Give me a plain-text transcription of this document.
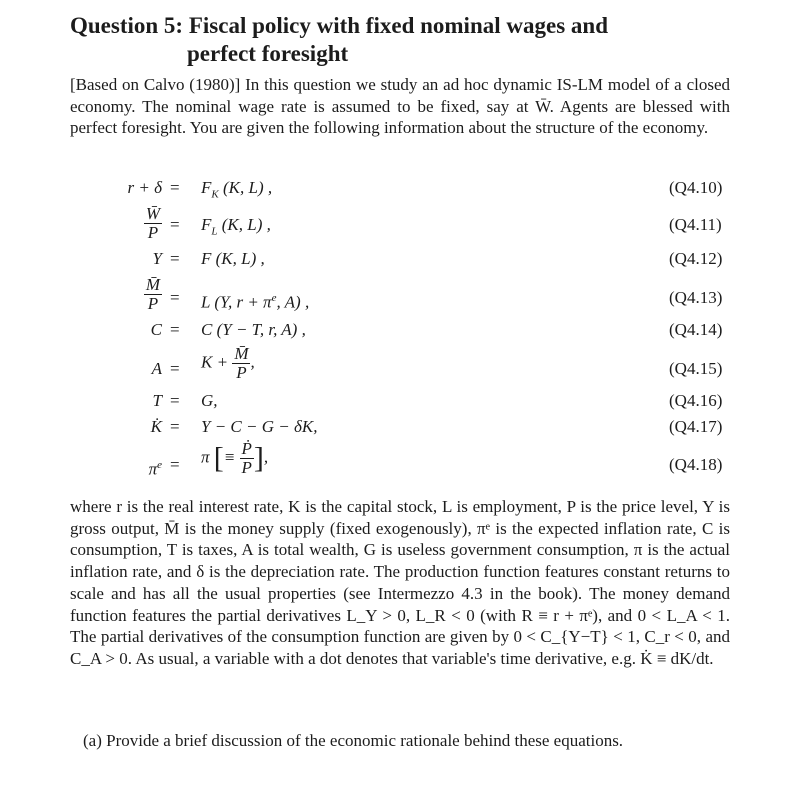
Question 5: Fiscal policy with fixed nominal wages and
perfect foresight
[Based on Calvo (1980)] In this question we study an ad hoc dynamic IS-LM model of a closed economy. The nominal wage rate is assumed to be fixed, say at W̄. Agents are blessed with perfect foresight. You are given the following information about the structure of the economy.
$r + \delta = F_K$ (K, L) ,	(Q4.10)
$\frac{W̄}{P} = F_L$ (K, L) ,	(Q4.11)
Y = F (K, L) ,	(Q4.12)
$\frac{M̄}{P} = L$ (Y, $r + \pi^e$, A) ,	(Q4.13)
C = C (Y − T, r, A) ,	(Q4.14)
$A = K + \frac{M̄}{P}$ ,	(Q4.15)
T = G,	(Q4.16)
K̇ = Y − C − G − δK,	(Q4.17)
$\pi^e = \pi$ [≡ $\frac{\text{Ṗ}}{P}$ ],	(Q4.18)
where r is the real interest rate, K is the capital stock, L is employment, P is the price level, Y is gross output, M̄ is the money supply (fixed exogenously), πᵉ is the expected inflation rate, C is consumption, T is taxes, A is total wealth, G is useless government consumption, π is the actual inflation rate, and δ is the depreciation rate. The production function features constant returns to scale and has all the usual properties (see Intermezzo 4.3 in the book). The money demand function features the partial derivatives L_Y > 0, L_R < 0 (with R ≡ r + πᵉ), and 0 < L_A < 1. The partial derivatives of the consumption function are given by 0 < C_{Y−T} < 1, C_r < 0, and C_A > 0. As usual, a variable with a dot denotes that variable's time derivative, e.g. K̇ ≡ dK/dt.
(a) Provide a brief discussion of the economic rationale behind these equations.
